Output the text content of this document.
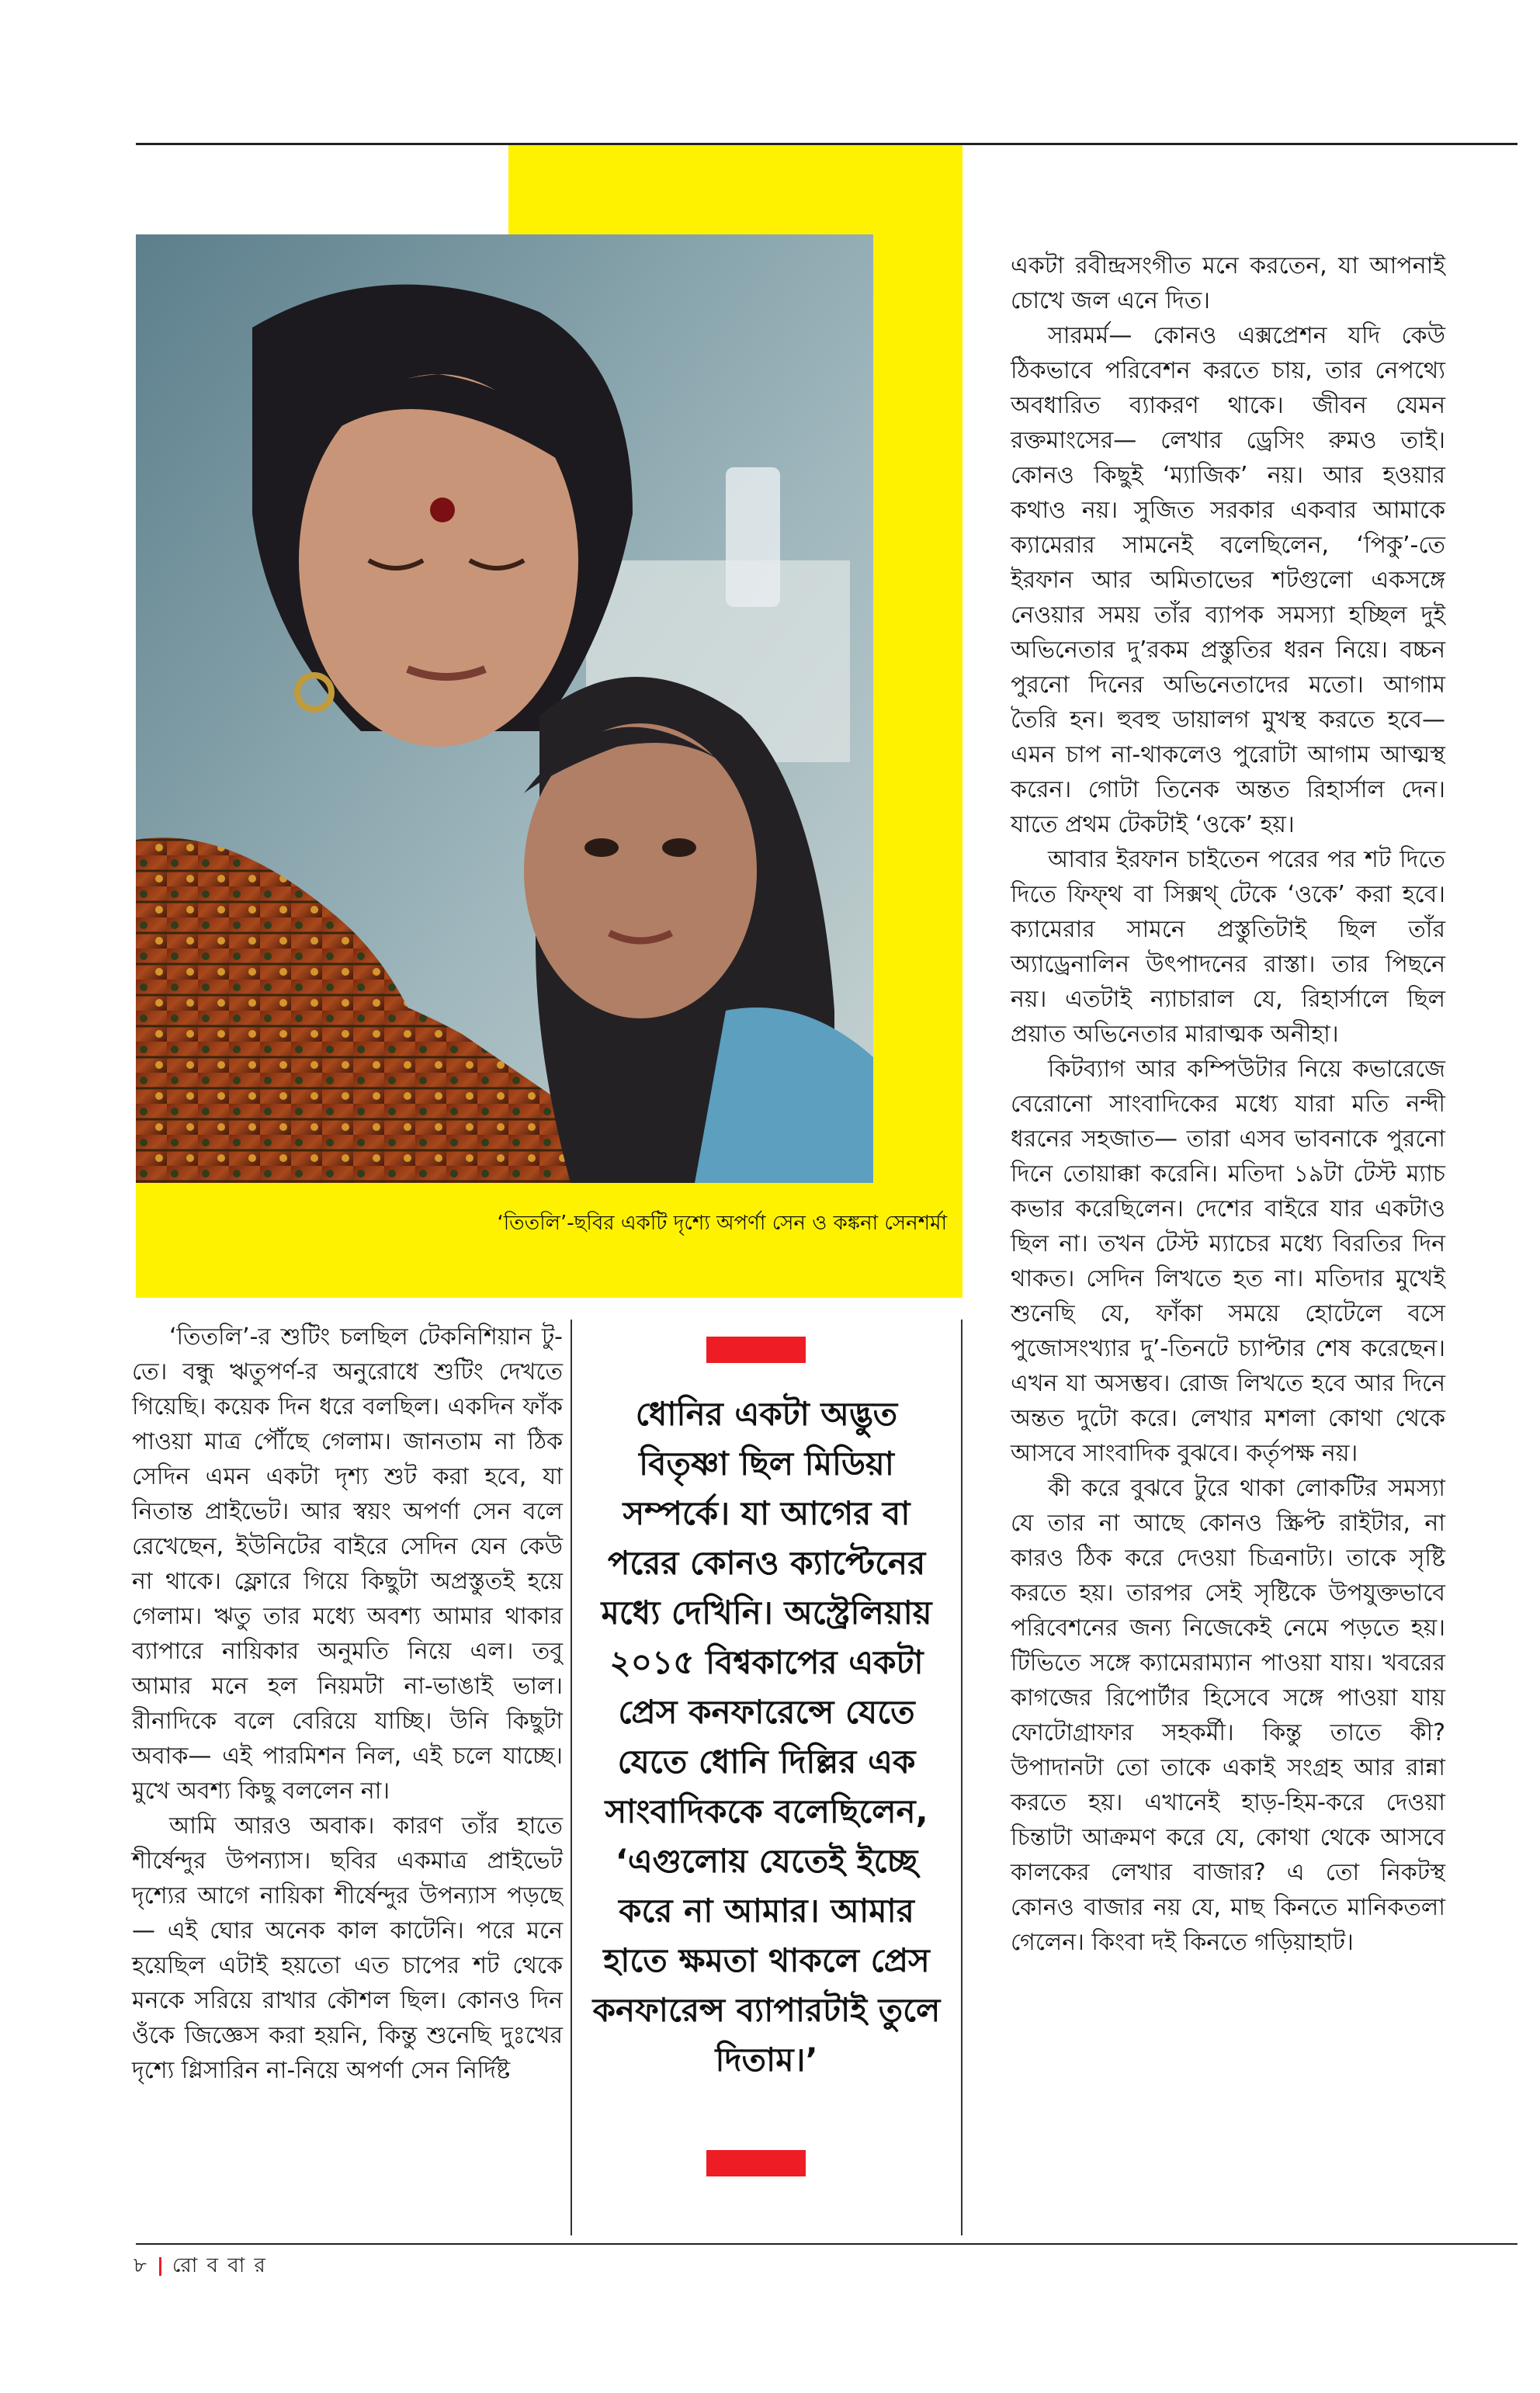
‘তিতলি’-ছবির একটি দৃশ্যে অপর্ণা সেন ও কঙ্কনা সেনশর্মা

‘তিতলি’-র শুটিং চলছিল টেকনিশিয়ান টু-তে। বন্ধু ঋতুপর্ণ-র অনুরোধে শুটিং দেখতে গিয়েছি। কয়েক দিন ধরে বলছিল। একদিন ফাঁক পাওয়া মাত্র পৌঁছে গেলাম। জানতাম না ঠিক সেদিন এমন একটা দৃশ্য শুট করা হবে, যা নিতান্ত প্রাইভেট। আর স্বয়ং অপর্ণা সেন বলে রেখেছেন, ইউনিটের বাইরে সেদিন যেন কেউ না থাকে। ফ্লোরে গিয়ে কিছুটা অপ্রস্তুতই হয়ে গেলাম। ঋতু তার মধ্যে অবশ্য আমার থাকার ব্যাপারে নায়িকার অনুমতি নিয়ে এল। তবু আমার মনে হল নিয়মটা না-ভাঙাই ভাল। রীনাদিকে বলে বেরিয়ে যাচ্ছি। উনি কিছুটা অবাক— এই পারমিশন নিল, এই চলে যাচ্ছে। মুখে অবশ্য কিছু বললেন না।

আমি আরও অবাক। কারণ তাঁর হাতে শীর্ষেন্দুর উপন্যাস। ছবির একমাত্র প্রাইভেট দৃশ্যের আগে নায়িকা শীর্ষেন্দুর উপন্যাস পড়ছে— এই ঘোর অনেক কাল কাটেনি। পরে মনে হয়েছিল এটাই হয়তো এত চাপের শট থেকে মনকে সরিয়ে রাখার কৌশল ছিল। কোনও দিন ওঁকে জিজ্ঞেস করা হয়নি, কিন্তু শুনেছি দুঃখের দৃশ্যে গ্লিসারিন না-নিয়ে অপর্ণা সেন নির্দিষ্ট

ধোনির একটা অদ্ভুত বিতৃষ্ণা ছিল মিডিয়া সম্পর্কে। যা আগের বা পরের কোনও ক্যাপ্টেনের মধ্যে দেখিনি। অস্ট্রেলিয়ায় ২০১৫ বিশ্বকাপের একটা প্রেস কনফারেন্সে যেতে যেতে ধোনি দিল্লির এক সাংবাদিককে বলেছিলেন, ‘এগুলোয় যেতেই ইচ্ছে করে না আমার। আমার হাতে ক্ষমতা থাকলে প্রেস কনফারেন্স ব্যাপারটাই তুলে দিতাম।’

একটা রবীন্দ্রসংগীত মনে করতেন, যা আপনাই চোখে জল এনে দিত।

সারমর্ম— কোনও এক্সপ্রেশন যদি কেউ ঠিকভাবে পরিবেশন করতে চায়, তার নেপথ্যে অবধারিত ব্যাকরণ থাকে। জীবন যেমন রক্তমাংসের— লেখার ড্রেসিং রুমও তাই। কোনও কিছুই ‘ম্যাজিক’ নয়। আর হওয়ার কথাও নয়। সুজিত সরকার একবার আমাকে ক্যামেরার সামনেই বলেছিলেন, ‘পিকু’-তে ইরফান আর অমিতাভের শটগুলো একসঙ্গে নেওয়ার সময় তাঁর ব্যাপক সমস্যা হচ্ছিল দুই অভিনেতার দু’রকম প্রস্তুতির ধরন নিয়ে। বচ্চন পুরনো দিনের অভিনেতাদের মতো। আগাম তৈরি হন। হুবহু ডায়ালগ মুখস্থ করতে হবে— এমন চাপ না-থাকলেও পুরোটা আগাম আত্মস্থ করেন। গোটা তিনেক অন্তত রিহার্সাল দেন। যাতে প্রথম টেকটাই ‘ওকে’ হয়।

আবার ইরফান চাইতেন পরের পর শট দিতে দিতে ফিফ্‌থ বা সিক্সথ্‌ টেকে ‘ওকে’ করা হবে। ক্যামেরার সামনে প্রস্তুতিটাই ছিল তাঁর অ্যাড্রেনালিন উৎপাদনের রাস্তা। তার পিছনে নয়। এতটাই ন্যাচারাল যে, রিহার্সালে ছিল প্রয়াত অভিনেতার মারাত্মক অনীহা।

কিটব্যাগ আর কম্পিউটার নিয়ে কভারেজে বেরোনো সাংবাদিকের মধ্যে যারা মতি নন্দী ধরনের সহজাত— তারা এসব ভাবনাকে পুরনো দিনে তোয়াক্কা করেনি। মতিদা ১৯টা টেস্ট ম্যাচ কভার করেছিলেন। দেশের বাইরে যার একটাও ছিল না। তখন টেস্ট ম্যাচের মধ্যে বিরতির দিন থাকত। সেদিন লিখতে হত না। মতিদার মুখেই শুনেছি যে, ফাঁকা সময়ে হোটেলে বসে পুজোসংখ্যার দু’-তিনটে চ্যাপ্টার শেষ করেছেন। এখন যা অসম্ভব। রোজ লিখতে হবে আর দিনে অন্তত দুটো করে। লেখার মশলা কোথা থেকে আসবে সাংবাদিক বুঝবে। কর্তৃপক্ষ নয়।

কী করে বুঝবে টুরে থাকা লোকটির সমস্যা যে তার না আছে কোনও স্ক্রিপ্ট রাইটার, না কারও ঠিক করে দেওয়া চিত্রনাট্য। তাকে সৃষ্টি করতে হয়। তারপর সেই সৃষ্টিকে উপযুক্তভাবে পরিবেশনের জন্য নিজেকেই নেমে পড়তে হয়। টিভিতে সঙ্গে ক্যামেরাম্যান পাওয়া যায়। খবরের কাগজের রিপোর্টার হিসেবে সঙ্গে পাওয়া যায় ফোটোগ্রাফার সহকর্মী। কিন্তু তাতে কী? উপাদানটা তো তাকে একাই সংগ্রহ আর রান্না করতে হয়। এখানেই হাড়-হিম-করে দেওয়া চিন্তাটা আক্রমণ করে যে, কোথা থেকে আসবে কালকের লেখার বাজার? এ তো নিকটস্থ কোনও বাজার নয় যে, মাছ কিনতে মানিকতলা গেলেন। কিংবা দই কিনতে গড়িয়াহাট।

৮ রো ব বা র
